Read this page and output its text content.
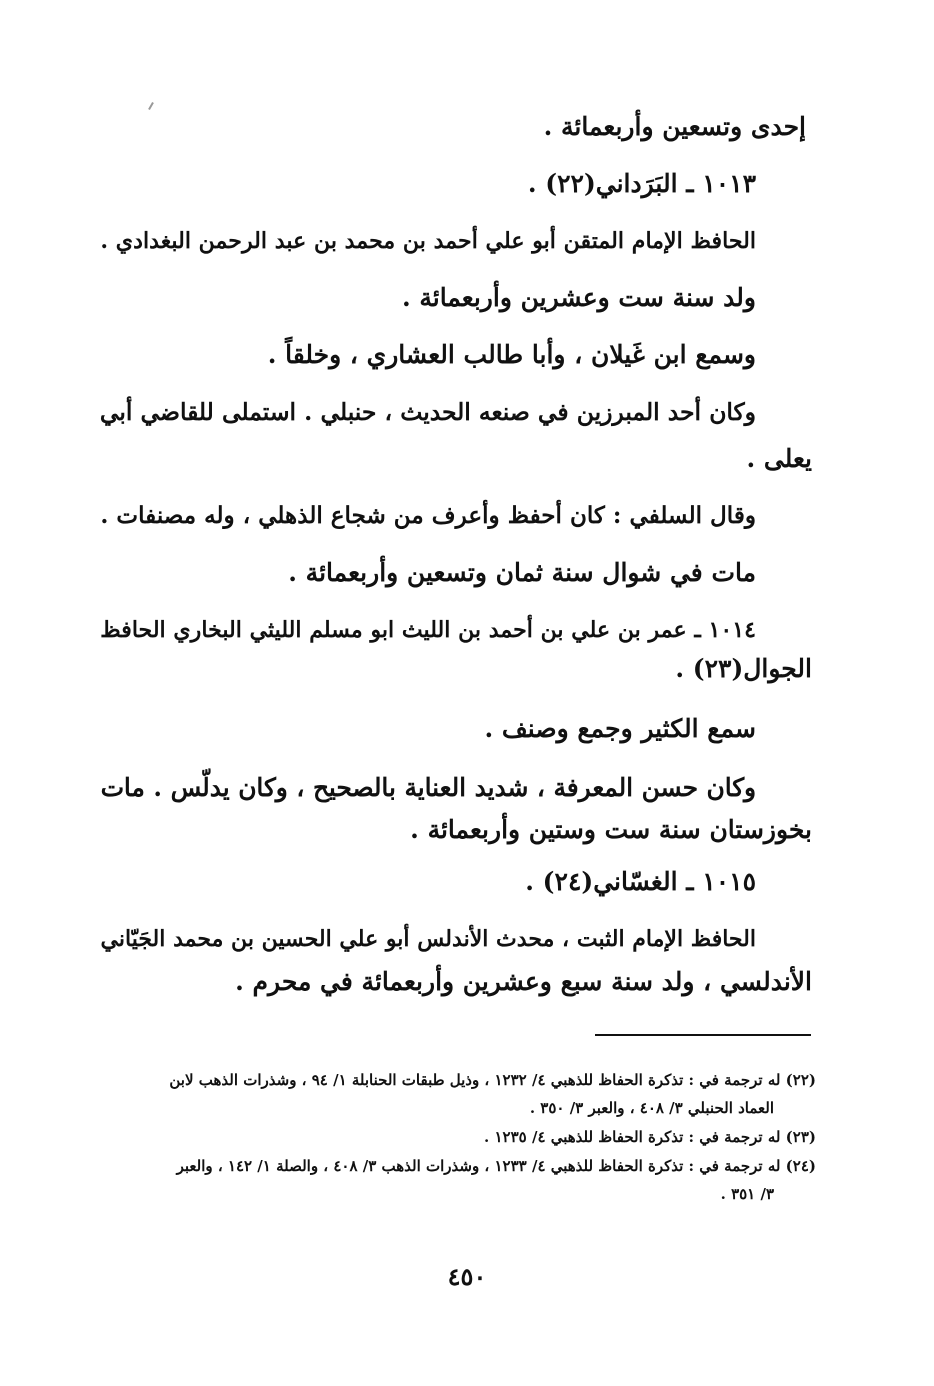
إحدى وتسعين وأربعمائة .
١٠١٣ ـ البَرَداني(٢٢) .
الحافظ الإمام المتقن أبو علي أحمد بن محمد بن عبد الرحمن البغدادي .
ولد سنة ست وعشرين وأربعمائة .
وسمع ابن غَيلان ، وأبا طالب العشاري ، وخلقاً .
وكان أحد المبرزين في صنعه الحديث ، حنبلي . استملى للقاضي أبي
يعلى .
وقال السلفي : كان أحفظ وأعرف من شجاع الذهلي ، وله مصنفات .
مات في شوال سنة ثمان وتسعين وأربعمائة .
١٠١٤ ـ عمر بن علي بن أحمد بن الليث ابو مسلم الليثي البخاري الحافظ
الجوال(٢٣) .
سمع الكثير وجمع وصنف .
وكان حسن المعرفة ، شديد العناية بالصحيح ، وكان يدلّس . مات
بخوزستان سنة ست وستين وأربعمائة .
١٠١٥ ـ الغسّاني(٢٤) .
الحافظ الإمام الثبت ، محدث الأندلس أبو علي الحسين بن محمد الجَيّاني
الأندلسي ، ولد سنة سبع وعشرين وأربعمائة في محرم .
(٢٢) له ترجمة في : تذكرة الحفاظ للذهبي ٤/ ١٢٣٢ ، وذيل طبقات الحنابلة ١/ ٩٤ ، وشذرات الذهب لابن
العماد الحنبلي ٣/ ٤٠٨ ، والعبر ٣/ ٣٥٠ .
(٢٣) له ترجمة في : تذكرة الحفاظ للذهبي ٤/ ١٢٣٥ .
(٢٤) له ترجمة في : تذكرة الحفاظ للذهبي ٤/ ١٢٣٣ ، وشذرات الذهب ٣/ ٤٠٨ ، والصلة ١/ ١٤٢ ، والعبر
٣/ ٣٥١ .
٤٥٠
